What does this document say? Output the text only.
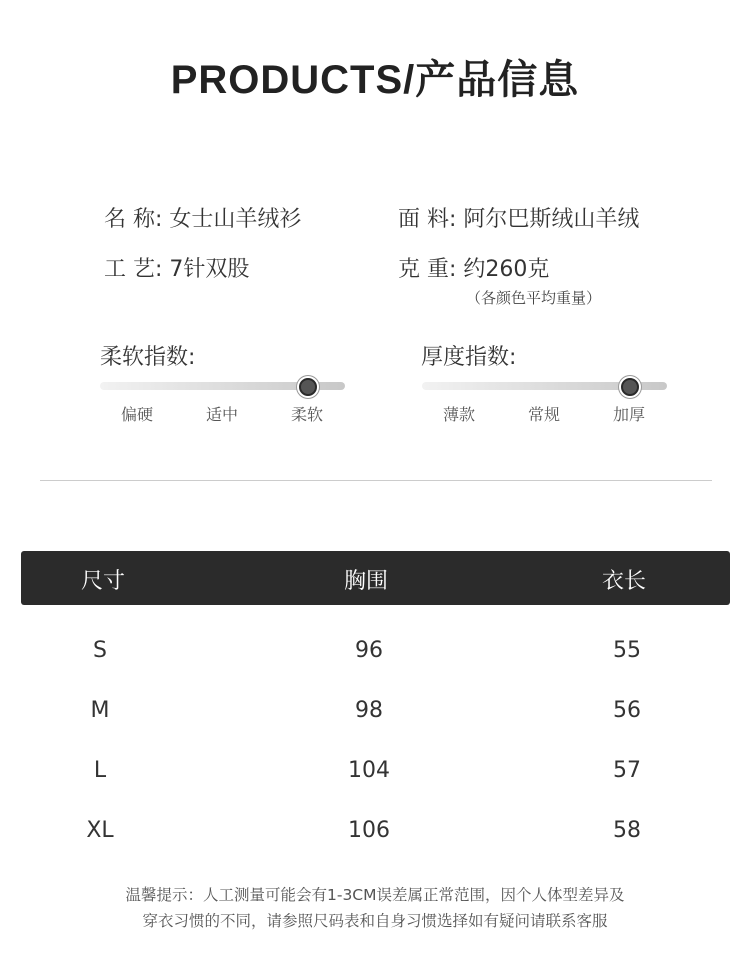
PRODUCTS/产品信息
名 称: 女士山羊绒衫	面 料: 阿尔巴斯绒山羊绒
工 艺: 7针双股	克 重: 约260克
（各颜色平均重量）
柔软指数:
偏硬	适中	柔软
厚度指数:
薄款	常规	加厚
尺寸	胸围	衣长
S	96	55
M	98	56
L	104	57
XL	106	58
温馨提示：人工测量可能会有1-3CM误差属正常范围，因个人体型差异及
穿衣习惯的不同，请参照尺码表和自身习惯选择如有疑问请联系客服
